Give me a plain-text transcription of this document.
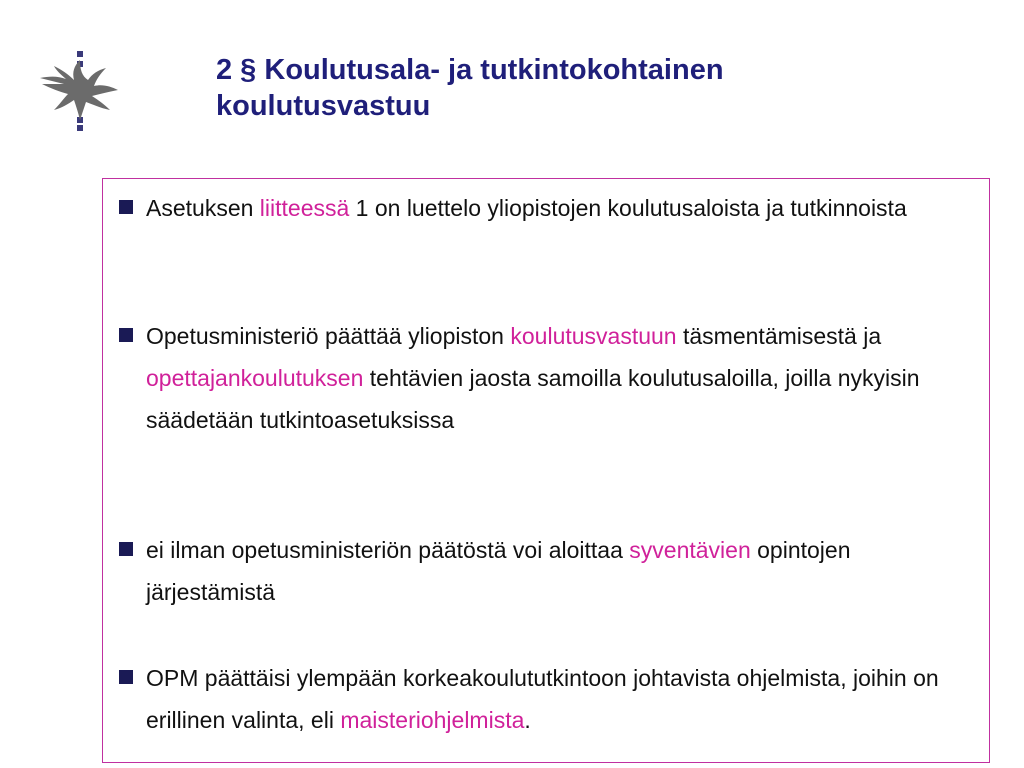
2 § Koulutusala- ja tutkintokohtainen
koulutusvastuu
Asetuksen liitteessä 1 on luettelo yliopistojen koulutusaloista ja tutkinnoista
Opetusministeriö päättää yliopiston koulutusvastuun täsmentämisestä ja opettajankoulutuksen tehtävien jaosta samoilla koulutusaloilla, joilla nykyisin säädetään tutkintoasetuksissa
ei ilman opetusministeriön päätöstä voi aloittaa syventävien opintojen järjestämistä
OPM päättäisi ylempään korkeakoulututkintoon johtavista ohjelmista, joihin on erillinen valinta, eli maisteriohjelmista.
